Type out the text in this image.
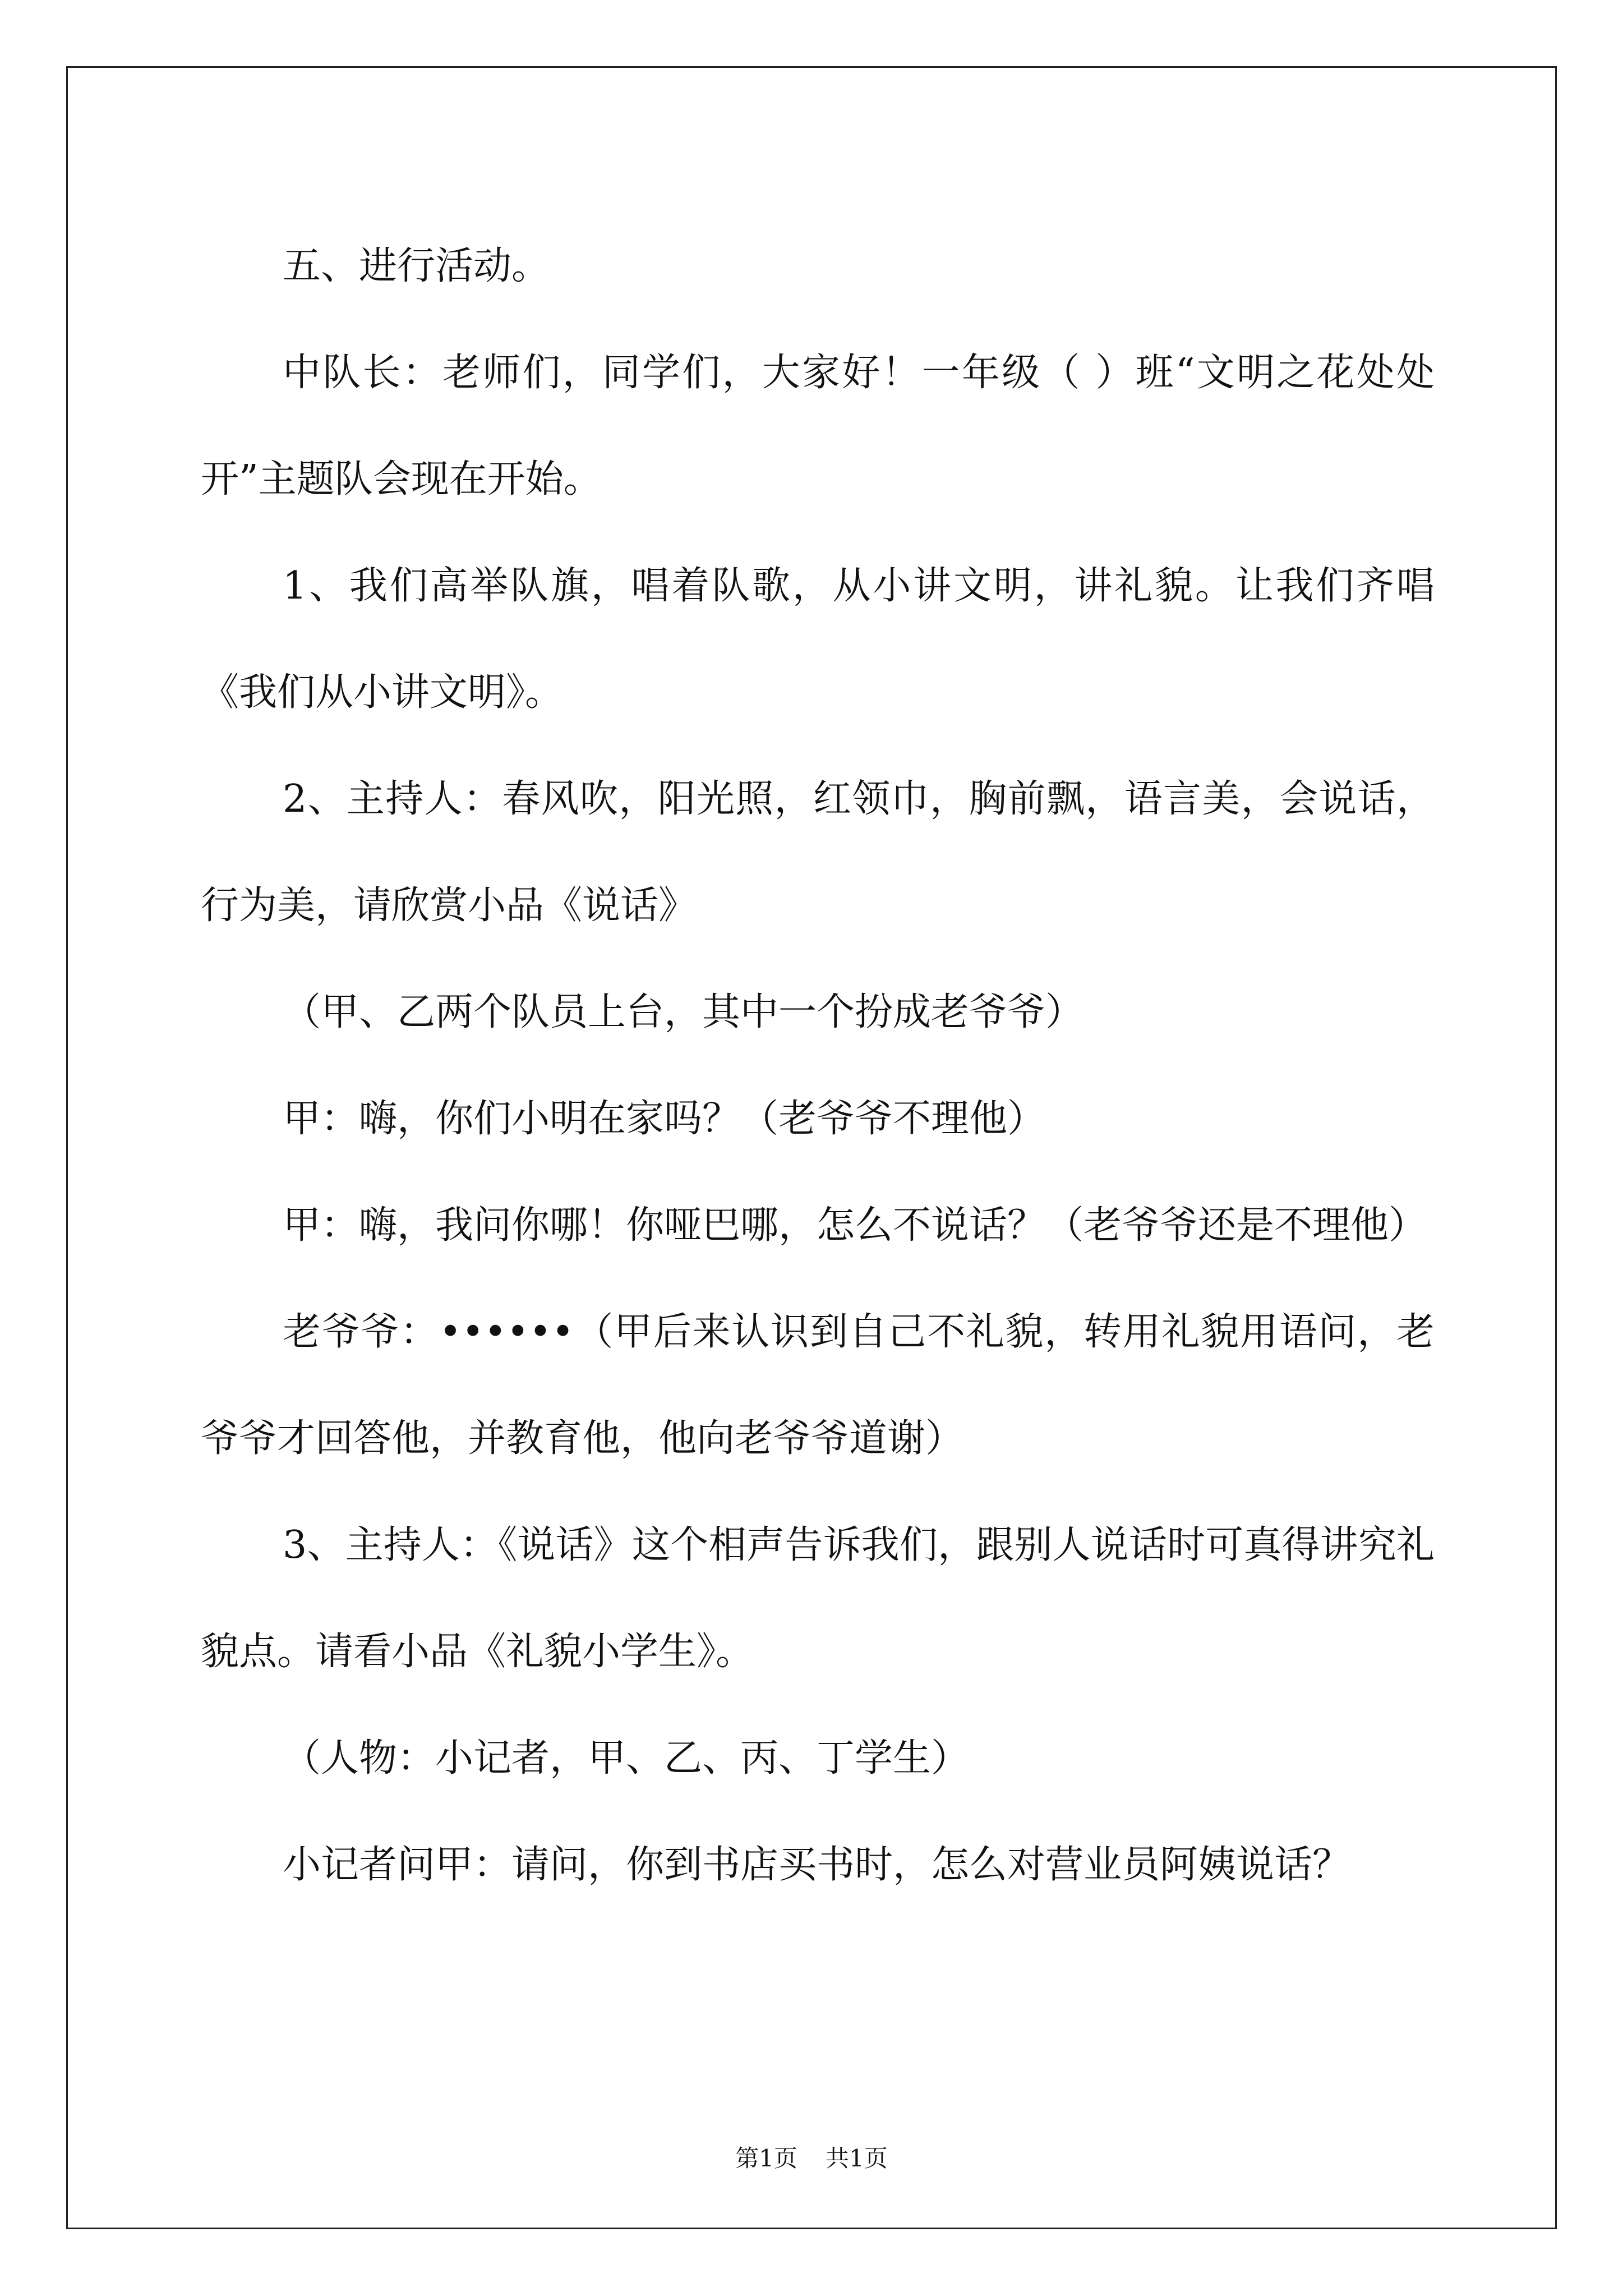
五、进行活动。

中队长：老师们，同学们，大家好！一年级（ ）班“文明之花处处开”主题队会现在开始。

1、我们高举队旗，唱着队歌，从小讲文明，讲礼貌。让我们齐唱《我们从小讲文明》。

2、主持人：春风吹，阳光照，红领巾，胸前飘，语言美，会说话，行为美，请欣赏小品《说话》

（甲、乙两个队员上台，其中一个扮成老爷爷）

甲：嗨，你们小明在家吗？（老爷爷不理他）

甲：嗨，我问你哪！你哑巴哪，怎么不说话？（老爷爷还是不理他）

老爷爷：••••••（甲后来认识到自己不礼貌，转用礼貌用语问，老爷爷才回答他，并教育他，他向老爷爷道谢）

3、主持人：《说话》这个相声告诉我们，跟别人说话时可真得讲究礼貌点。请看小品《礼貌小学生》。

（人物：小记者，甲、乙、丙、丁学生）

小记者问甲：请问，你到书店买书时，怎么对营业员阿姨说话？

第1页 共1页
